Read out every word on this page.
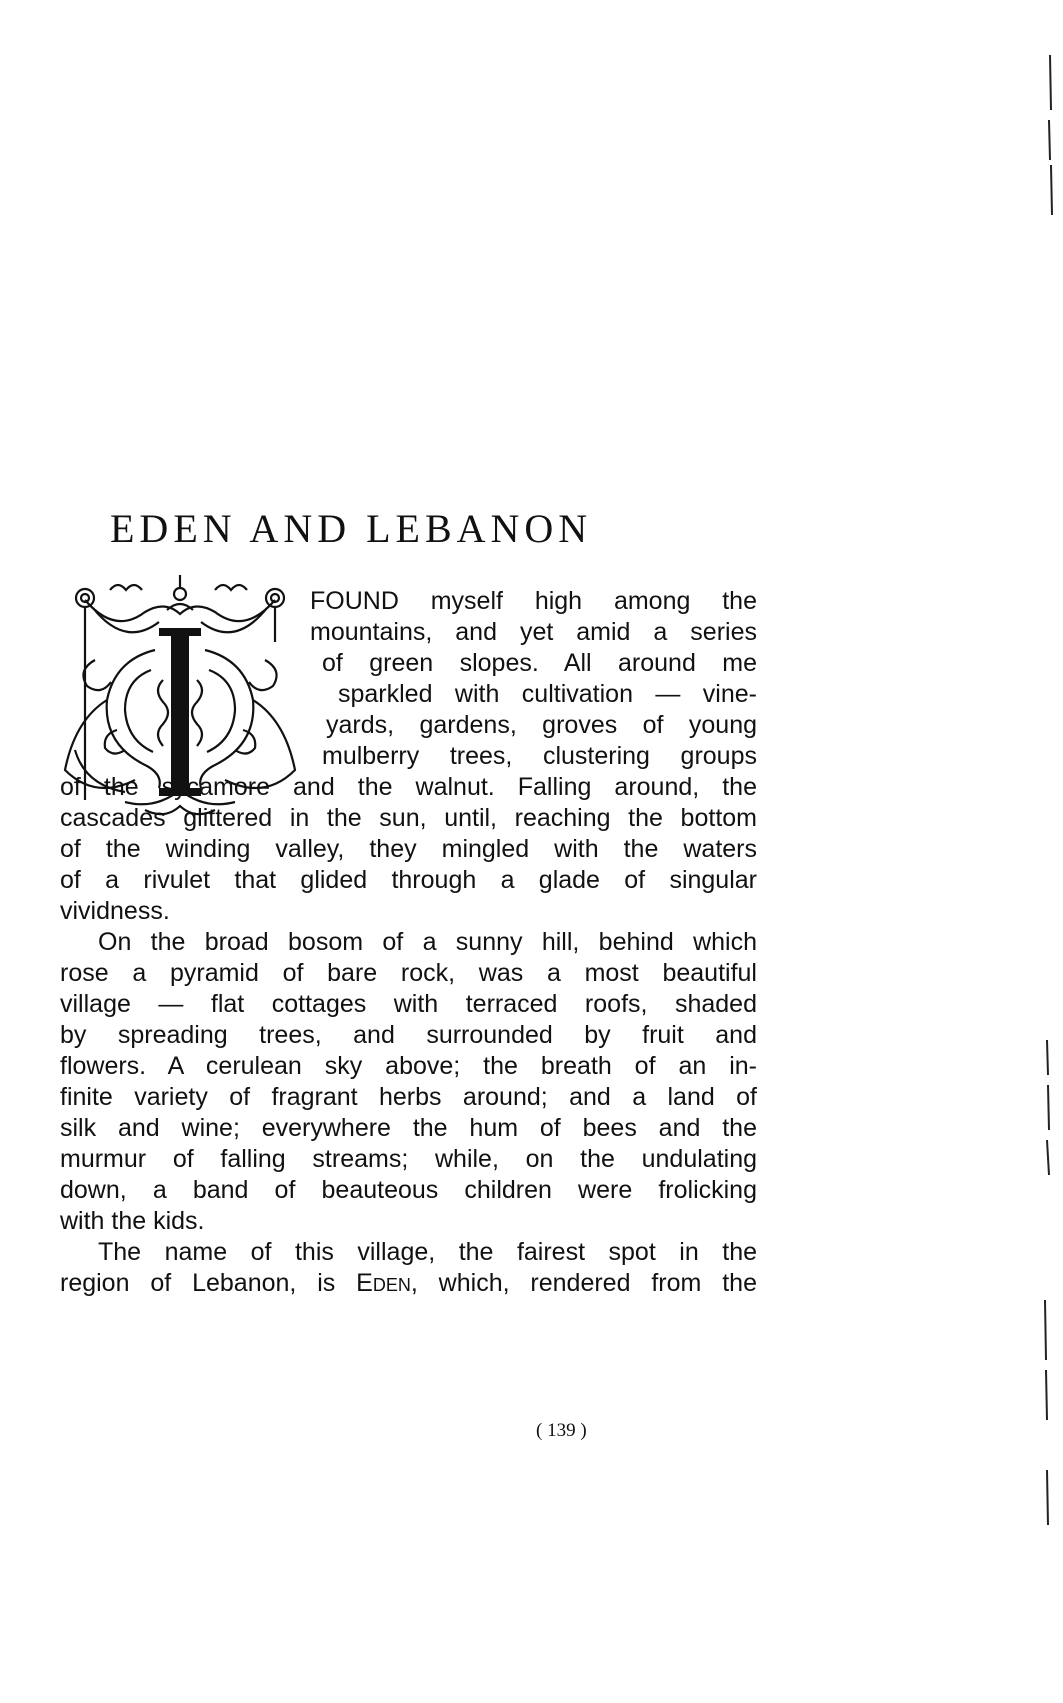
EDEN AND LEBANON
FOUND myself high among the
mountains, and yet amid a series
of green slopes. All around me
sparkled with cultivation — vine-
yards, gardens, groves of young
mulberry trees, clustering groups
of the sycamore and the walnut. Falling around, the
cascades glittered in the sun, until, reaching the bottom
of the winding valley, they mingled with the waters
of a rivulet that glided through a glade of singular
vividness.
On the broad bosom of a sunny hill, behind which
rose a pyramid of bare rock, was a most beautiful
village — flat cottages with terraced roofs, shaded
by spreading trees, and surrounded by fruit and
flowers. A cerulean sky above; the breath of an in-
finite variety of fragrant herbs around; and a land of
silk and wine; everywhere the hum of bees and the
murmur of falling streams; while, on the undulating
down, a band of beauteous children were frolicking
with the kids.
The name of this village, the fairest spot in the
region of Lebanon, is Eden, which, rendered from the
( 139 )
